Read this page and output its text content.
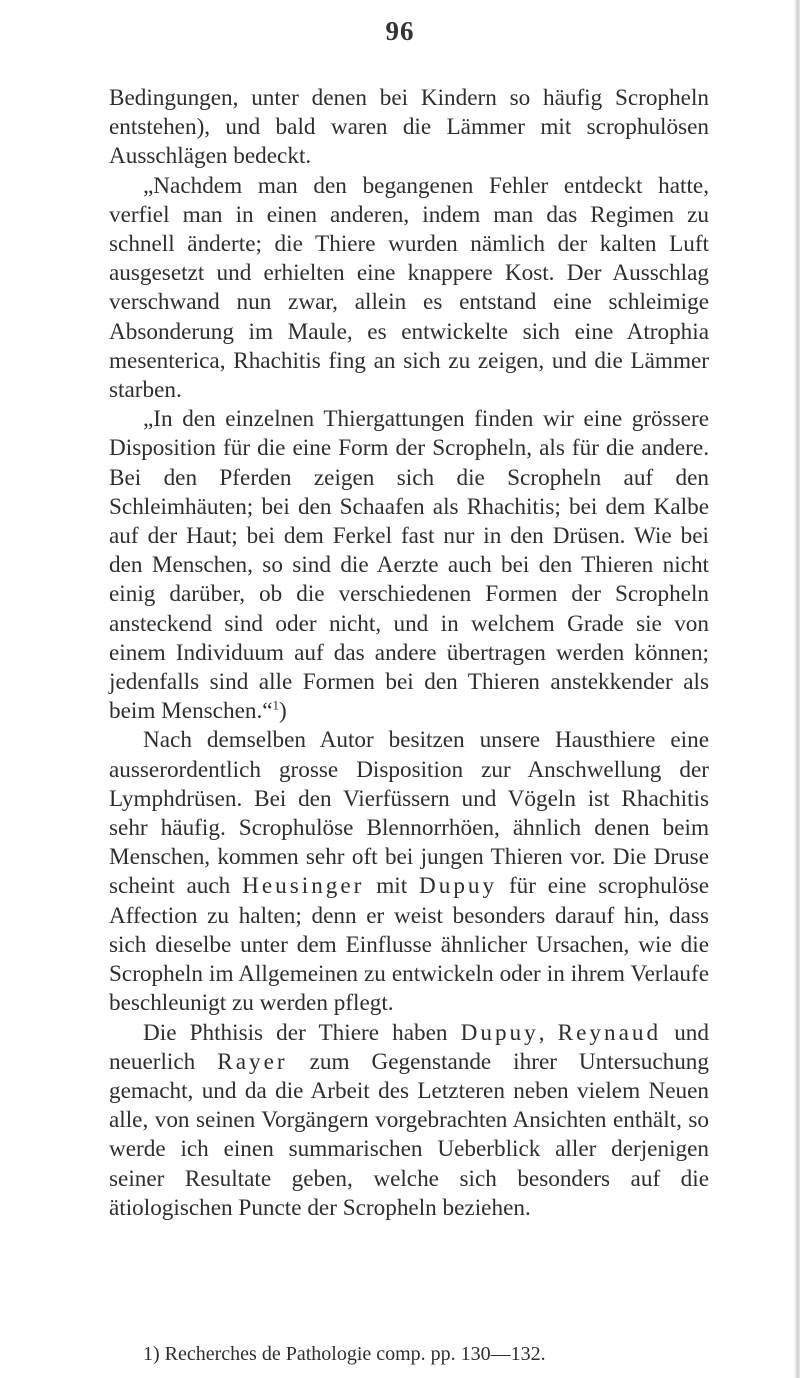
96

Bedingungen, unter denen bei Kindern so häufig Scropheln entstehen), und bald waren die Lämmer mit scrophulösen Ausschlägen bedeckt.

„Nachdem man den begangenen Fehler entdeckt hatte, verfiel man in einen anderen, indem man das Regimen zu schnell änderte; die Thiere wurden nämlich der kalten Luft ausgesetzt und erhielten eine knappere Kost. Der Ausschlag verschwand nun zwar, allein es entstand eine schleimige Absonderung im Maule, es entwickelte sich eine Atrophia mesenterica, Rhachitis fing an sich zu zeigen, und die Lämmer starben.

„In den einzelnen Thiergattungen finden wir eine grössere Disposition für die eine Form der Scropheln, als für die andere. Bei den Pferden zeigen sich die Scropheln auf den Schleimhäuten; bei den Schaafen als Rhachitis; bei dem Kalbe auf der Haut; bei dem Ferkel fast nur in den Drüsen. Wie bei den Menschen, so sind die Aerzte auch bei den Thieren nicht einig darüber, ob die verschiedenen Formen der Scropheln ansteckend sind oder nicht, und in welchem Grade sie von einem Individuum auf das andere übertragen werden können; jedenfalls sind alle Formen bei den Thieren anstekkender als beim Menschen.“$^1$)

Nach demselben Autor besitzen unsere Hausthiere eine ausserordentlich grosse Disposition zur Anschwellung der Lymphdrüsen. Bei den Vierfüssern und Vögeln ist Rhachitis sehr häufig. Scrophulöse Blennorrhöen, ähnlich denen beim Menschen, kommen sehr oft bei jungen Thieren vor. Die Druse scheint auch Heusinger mit Dupuy für eine scrophulöse Affection zu halten; denn er weist besonders darauf hin, dass sich dieselbe unter dem Einflusse ähnlicher Ursachen, wie die Scropheln im Allgemeinen zu entwickeln oder in ihrem Verlaufe beschleunigt zu werden pflegt.

Die Phthisis der Thiere haben Dupuy, Reynaud und neuerlich Rayer zum Gegenstande ihrer Untersuchung gemacht, und da die Arbeit des Letzteren neben vielem Neuen alle, von seinen Vorgängern vorgebrachten Ansichten enthält, so werde ich einen summarischen Ueberblick aller derjenigen seiner Resultate geben, welche sich besonders auf die ätiologischen Puncte der Scropheln beziehen.

1) Recherches de Pathologie comp. pp. 130—132.
